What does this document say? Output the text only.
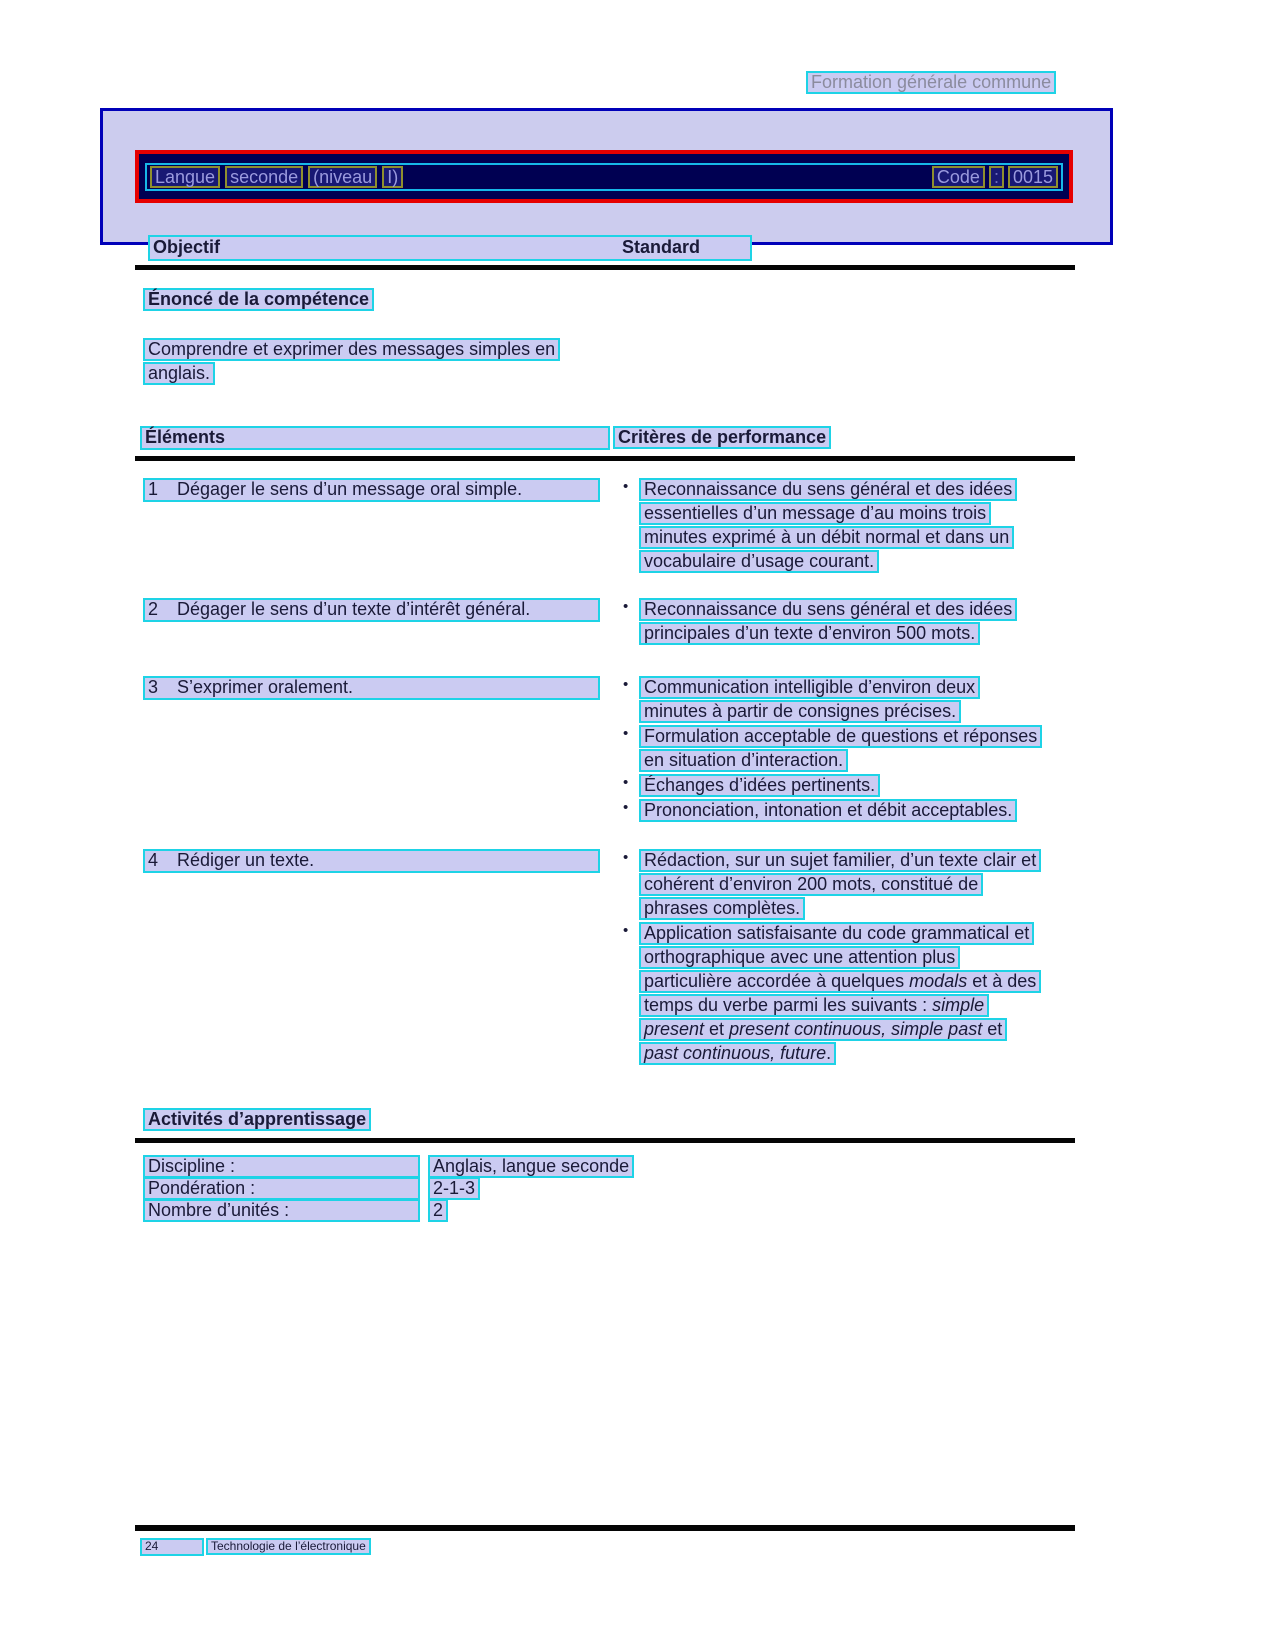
Formation générale commune
Langue seconde (niveau I)	Code : 0015
Objectif	Standard
Énoncé de la compétence
Comprendre et exprimer des messages simples en
anglais.
Éléments	Critères de performance
1 Dégager le sens d’un message oral simple.	• Reconnaissance du sens général et des idées
essentielles d’un message d’au moins trois
minutes exprimé à un débit normal et dans un
vocabulaire d’usage courant.
2 Dégager le sens d’un texte d’intérêt général.	• Reconnaissance du sens général et des idées
principales d’un texte d’environ 500 mots.
3 S’exprimer oralement.	• Communication intelligible d’environ deux
minutes à partir de consignes précises.
• Formulation acceptable de questions et réponses
en situation d’interaction.
• Échanges d’idées pertinents.
• Prononciation, intonation et débit acceptables.
4 Rédiger un texte.	• Rédaction, sur un sujet familier, d’un texte clair et
cohérent d’environ 200 mots, constitué de
phrases complètes.
• Application satisfaisante du code grammatical et
orthographique avec une attention plus
particulière accordée à quelques modals et à des
temps du verbe parmi les suivants : simple
present et present continuous, simple past et
past continuous, future.
Activités d’apprentissage
Discipline :	Anglais, langue seconde
Pondération :	2-1-3
Nombre d’unités :	2
24	Technologie de l’électronique
